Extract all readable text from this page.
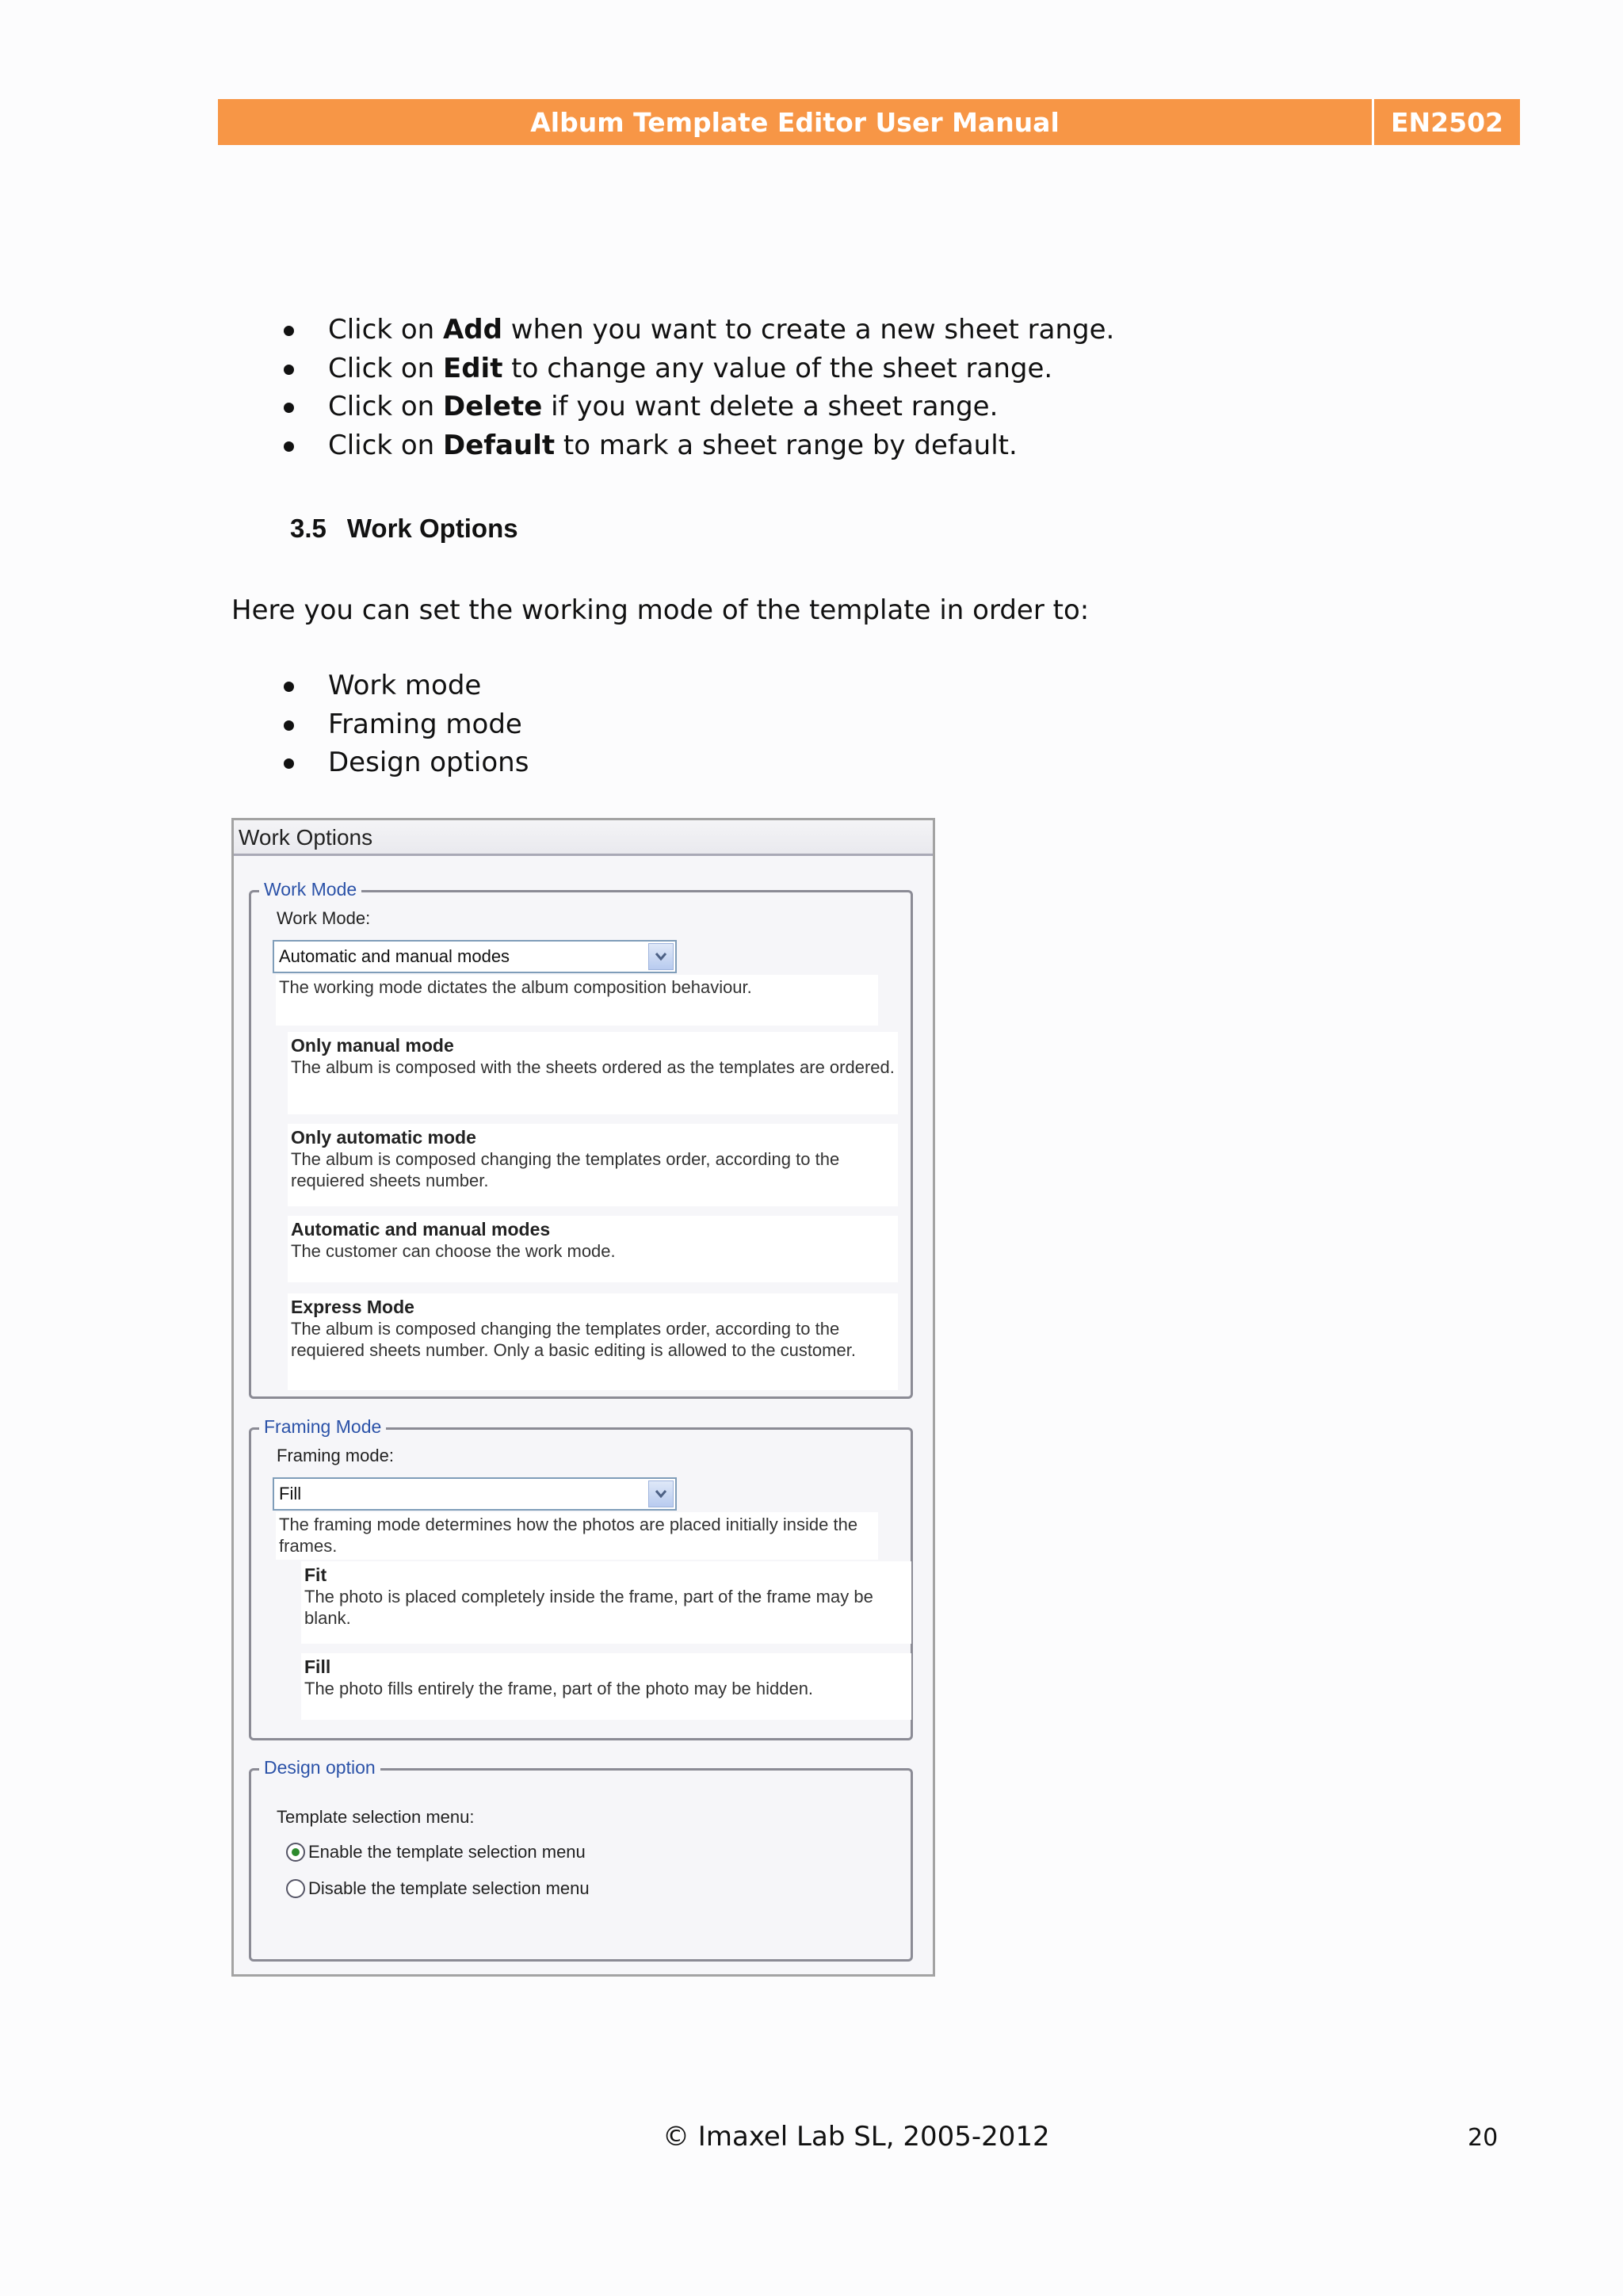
Album Template Editor User Manual	EN2502
Click on Add when you want to create a new sheet range.
Click on Edit to change any value of the sheet range.
Click on Delete if you want delete a sheet range.
Click on Default to mark a sheet range by default.
3.5 Work Options
Here you can set the working mode of the template in order to:
Work mode
Framing mode
Design options
Work Options
Work Mode
Work Mode:
Automatic and manual modes
The working mode dictates the album composition behaviour.
Only manual mode
The album is composed with the sheets ordered as the templates are ordered.
Only automatic mode
The album is composed changing the templates order, according to the requiered sheets number.
Automatic and manual modes
The customer can choose the work mode.
Express Mode
The album is composed changing the templates order, according to the requiered sheets number. Only a basic editing is allowed to the customer.
Framing Mode
Framing mode:
Fill
The framing mode determines how the photos are placed initially inside the frames.
Fit
The photo is placed completely inside the frame, part of the frame may be blank.
Fill
The photo fills entirely the frame, part of the photo may be hidden.
Design option
Template selection menu:
Enable the template selection menu
Disable the template selection menu
© Imaxel Lab SL, 2005-2012	20
